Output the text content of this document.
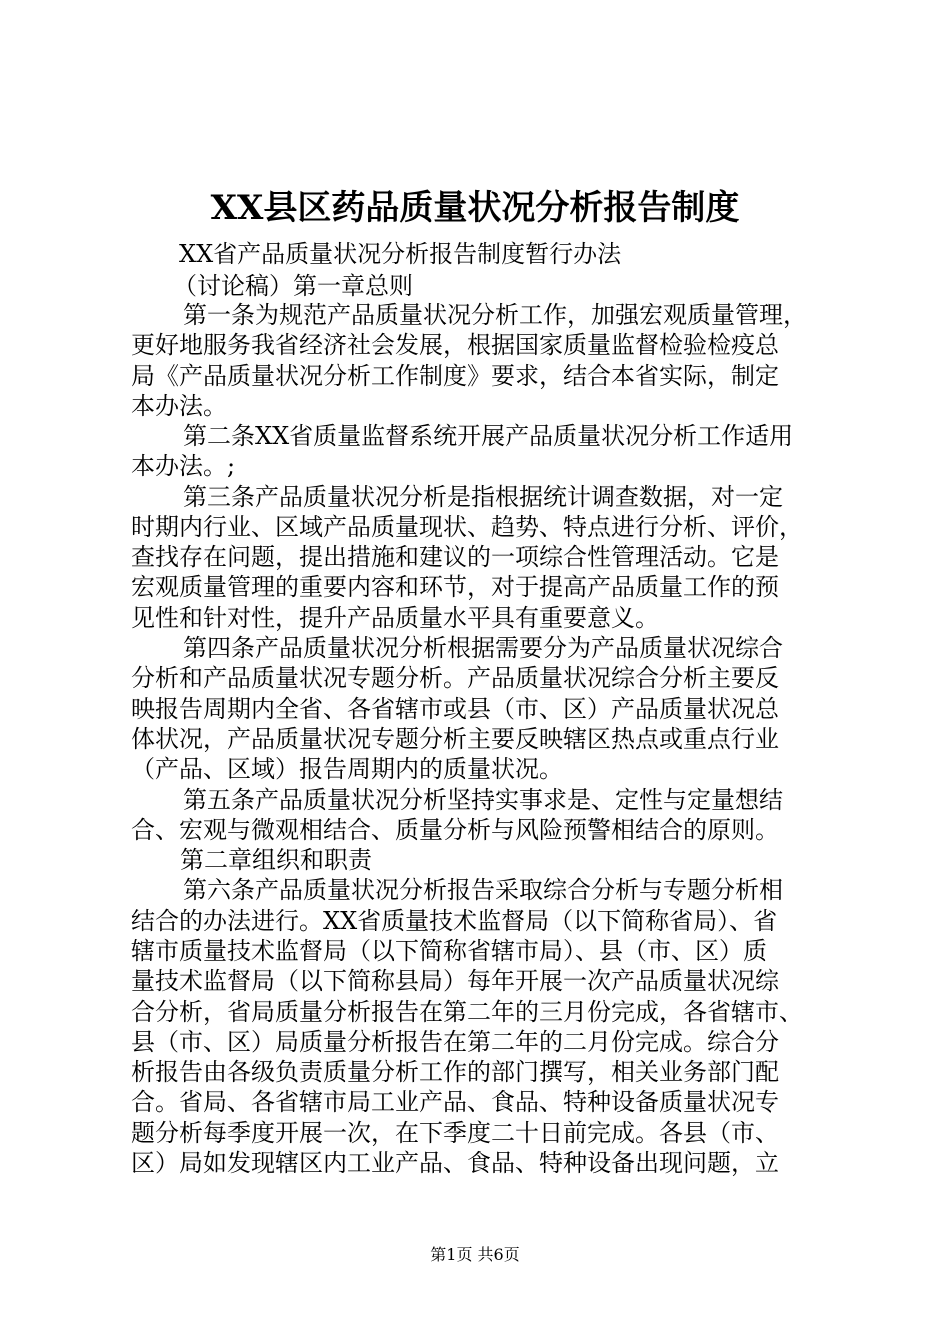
XX县区药品质量状况分析报告制度
XX省产品质量状况分析报告制度暂行办法
（讨论稿）第一章总则
第一条为规范产品质量状况分析工作，加强宏观质量管理，
更好地服务我省经济社会发展，根据国家质量监督检验检疫总
局《产品质量状况分析工作制度》要求，结合本省实际，制定
本办法。
第二条XX省质量监督系统开展产品质量状况分析工作适用
本办法。;
第三条产品质量状况分析是指根据统计调查数据，对一定
时期内行业、区域产品质量现状、趋势、特点进行分析、评价，
查找存在问题，提出措施和建议的一项综合性管理活动。它是
宏观质量管理的重要内容和环节，对于提高产品质量工作的预
见性和针对性，提升产品质量水平具有重要意义。
第四条产品质量状况分析根据需要分为产品质量状况综合
分析和产品质量状况专题分析。产品质量状况综合分析主要反
映报告周期内全省、各省辖市或县（市、区）产品质量状况总
体状况，产品质量状况专题分析主要反映辖区热点或重点行业
（产品、区域）报告周期内的质量状况。
第五条产品质量状况分析坚持实事求是、定性与定量想结
合、宏观与微观相结合、质量分析与风险预警相结合的原则。
第二章组织和职责
第六条产品质量状况分析报告采取综合分析与专题分析相
结合的办法进行。XX省质量技术监督局（以下简称省局）、省
辖市质量技术监督局（以下简称省辖市局）、县（市、区）质
量技术监督局（以下简称县局）每年开展一次产品质量状况综
合分析，省局质量分析报告在第二年的三月份完成，各省辖市、
县（市、区）局质量分析报告在第二年的二月份完成。综合分
析报告由各级负责质量分析工作的部门撰写，相关业务部门配
合。省局、各省辖市局工业产品、食品、特种设备质量状况专
题分析每季度开展一次，在下季度二十日前完成。各县（市、
区）局如发现辖区内工业产品、食品、特种设备出现问题，立
第1页 共6页
